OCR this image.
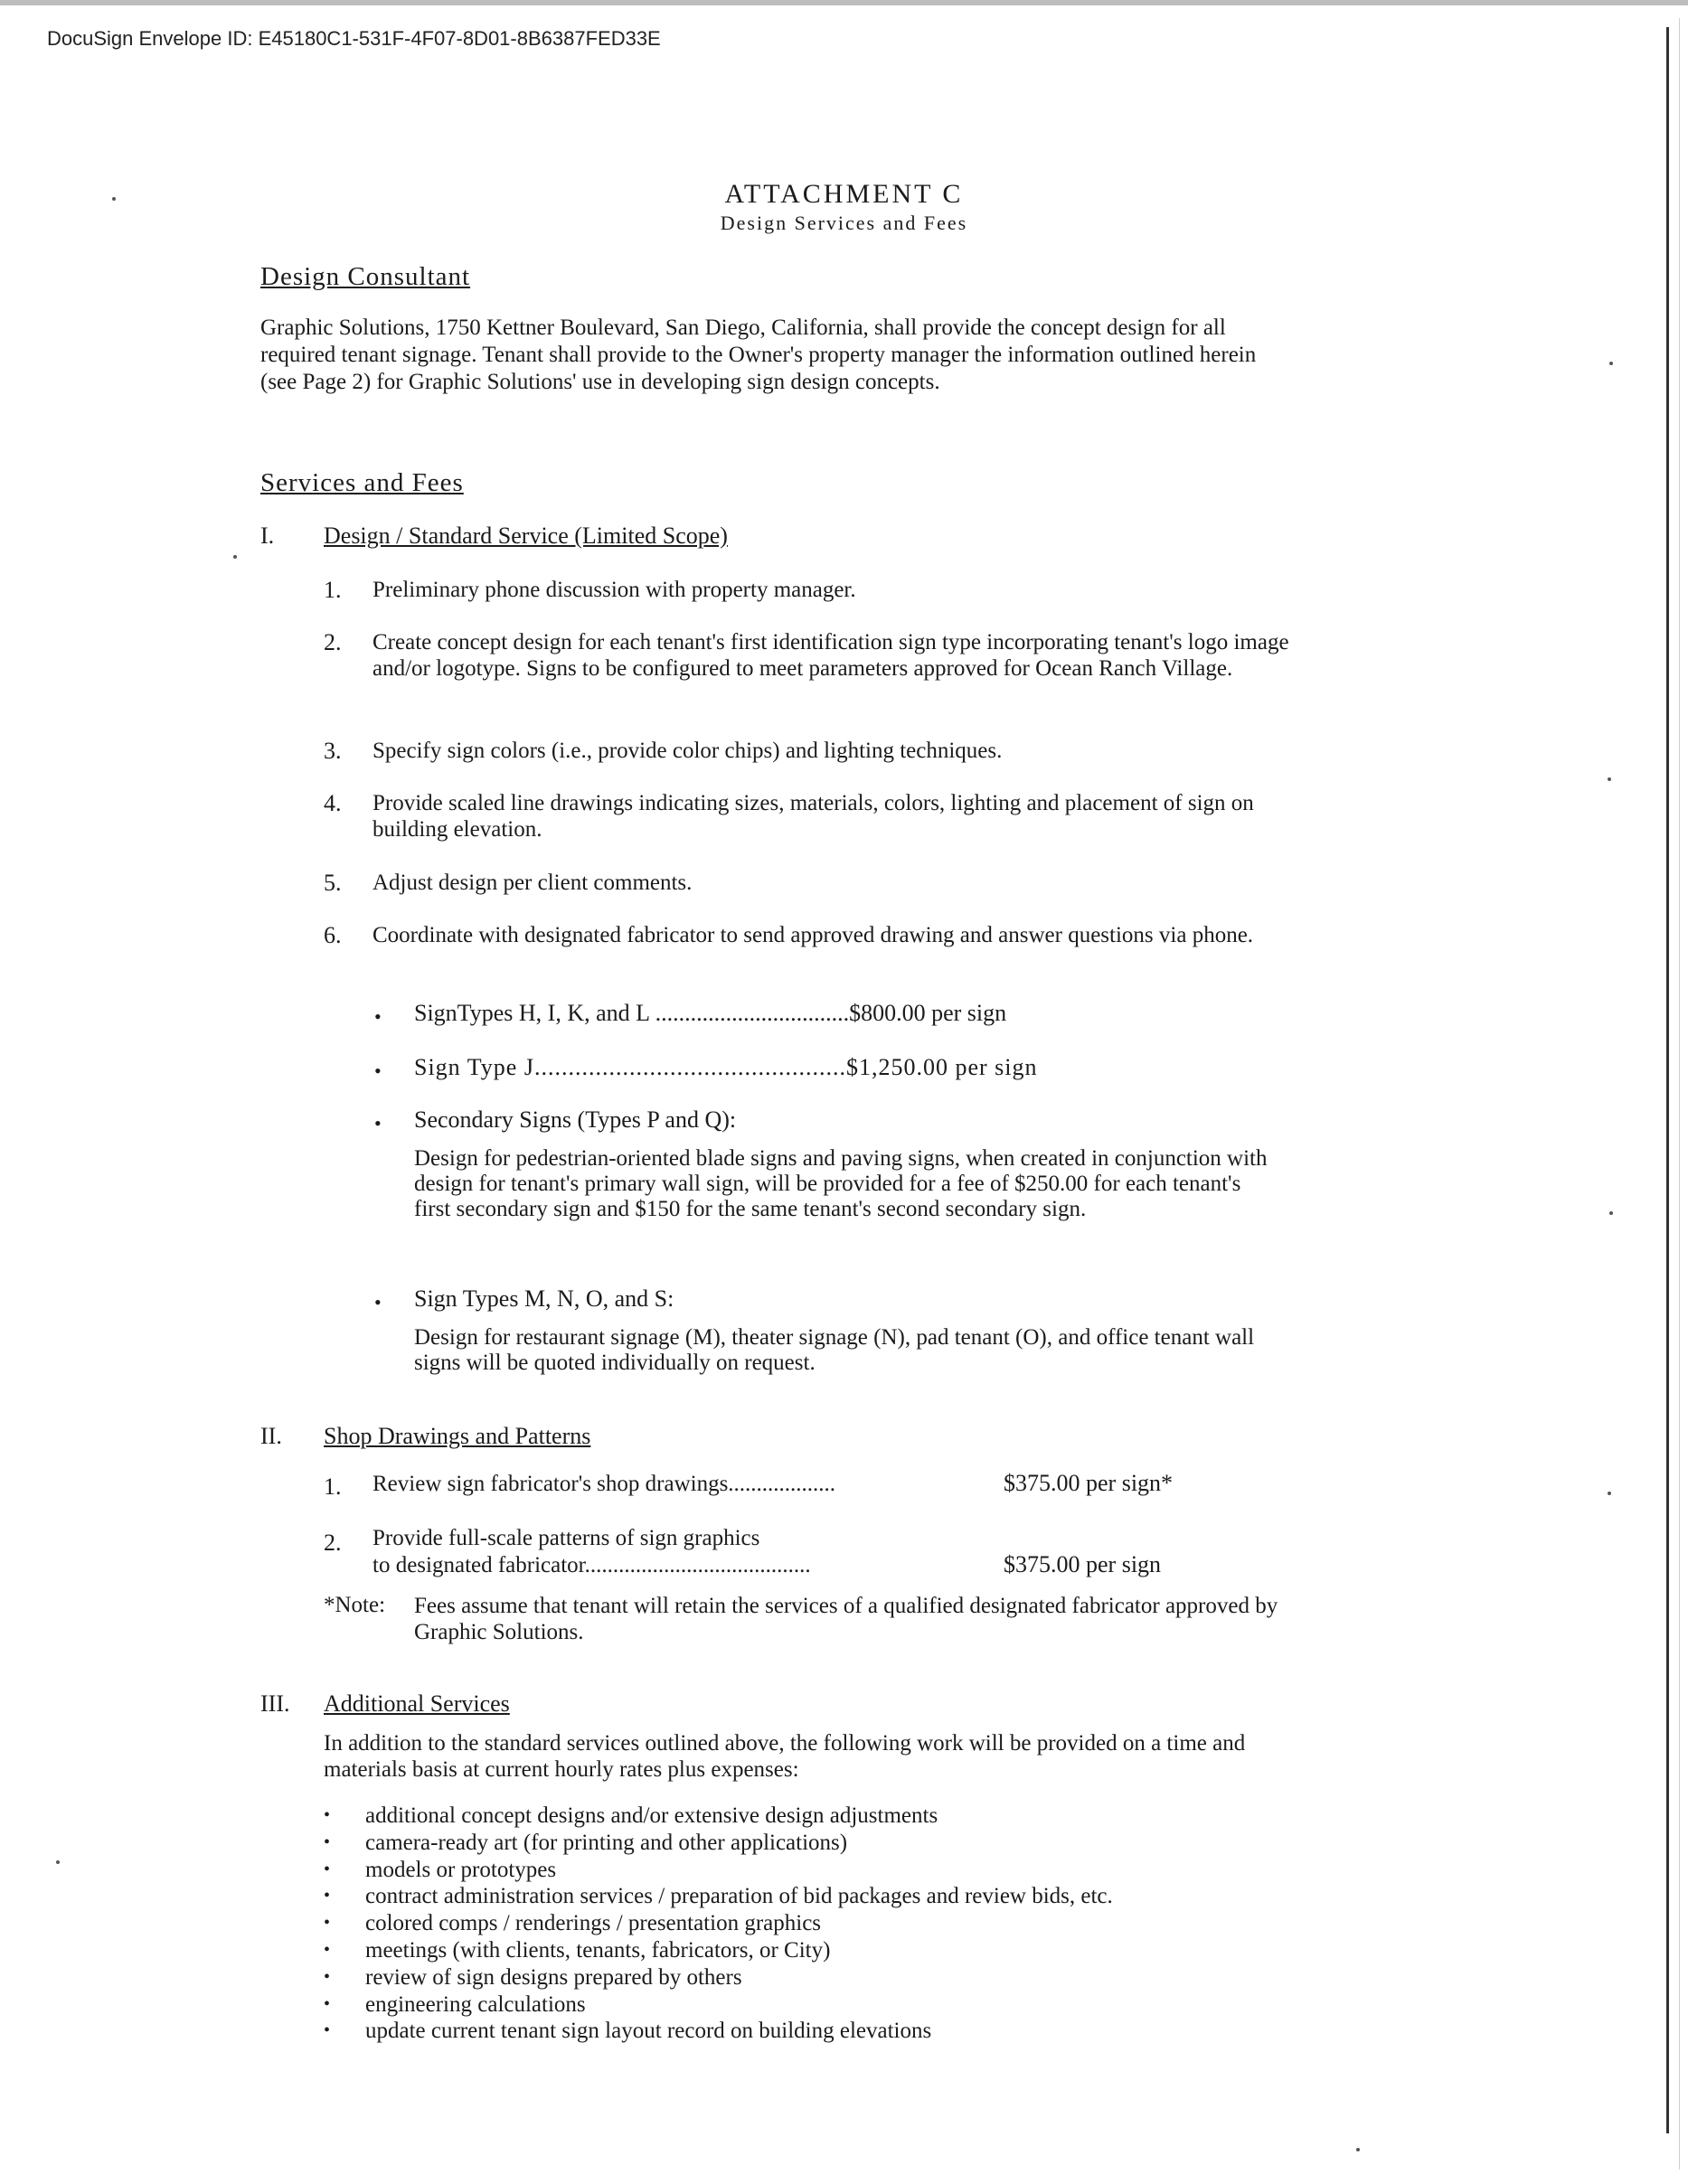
DocuSign Envelope ID: E45180C1-531F-4F07-8D01-8B6387FED33E
ATTACHMENT C
Design Services and Fees
Design Consultant

Graphic Solutions, 1750 Kettner Boulevard, San Diego, California, shall provide the concept design for all required tenant signage. Tenant shall provide to the Owner's property manager the information outlined herein (see Page 2) for Graphic Solutions' use in developing sign design concepts.

Services and Fees
I. Design / Standard Service (Limited Scope)
1. Preliminary phone discussion with property manager.

2. Create concept design for each tenant's first identification sign type incorporating tenant's logo image and/or logotype. Signs to be configured to meet parameters approved for Ocean Ranch Village.

3. Specify sign colors (i.e., provide color chips) and lighting techniques.

4. Provide scaled line drawings indicating sizes, materials, colors, lighting and placement of sign on building elevation.

5. Adjust design per client comments.

6. Coordinate with designated fabricator to send approved drawing and answer questions via phone.

• SignTypes H, I, K, and L .................................$800.00 per sign
• Sign Type J..............................................$1,250.00 per sign
• Secondary Signs (Types P and Q):

Design for pedestrian-oriented blade signs and paving signs, when created in conjunction with design for tenant's primary wall sign, will be provided for a fee of $250.00 for each tenant's first secondary sign and $150 for the same tenant's second secondary sign.

• Sign Types M, N, O, and S:

Design for restaurant signage (M), theater signage (N), pad tenant (O), and office tenant wall signs will be quoted individually on request.

II. Shop Drawings and Patterns
1. Review sign fabricator's shop drawings...................	$375.00 per sign*
2. Provide full-scale patterns of sign graphics
to designated fabricator........................................	$375.00 per sign
*Note: Fees assume that tenant will retain the services of a qualified designated fabricator approved by Graphic Solutions.

III. Additional Services

In addition to the standard services outlined above, the following work will be provided on a time and materials basis at current hourly rates plus expenses:

• additional concept designs and/or extensive design adjustments
• camera-ready art (for printing and other applications)
• models or prototypes
• contract administration services / preparation of bid packages and review bids, etc.
• colored comps / renderings / presentation graphics
• meetings (with clients, tenants, fabricators, or City)
• review of sign designs prepared by others
• engineering calculations
• update current tenant sign layout record on building elevations
